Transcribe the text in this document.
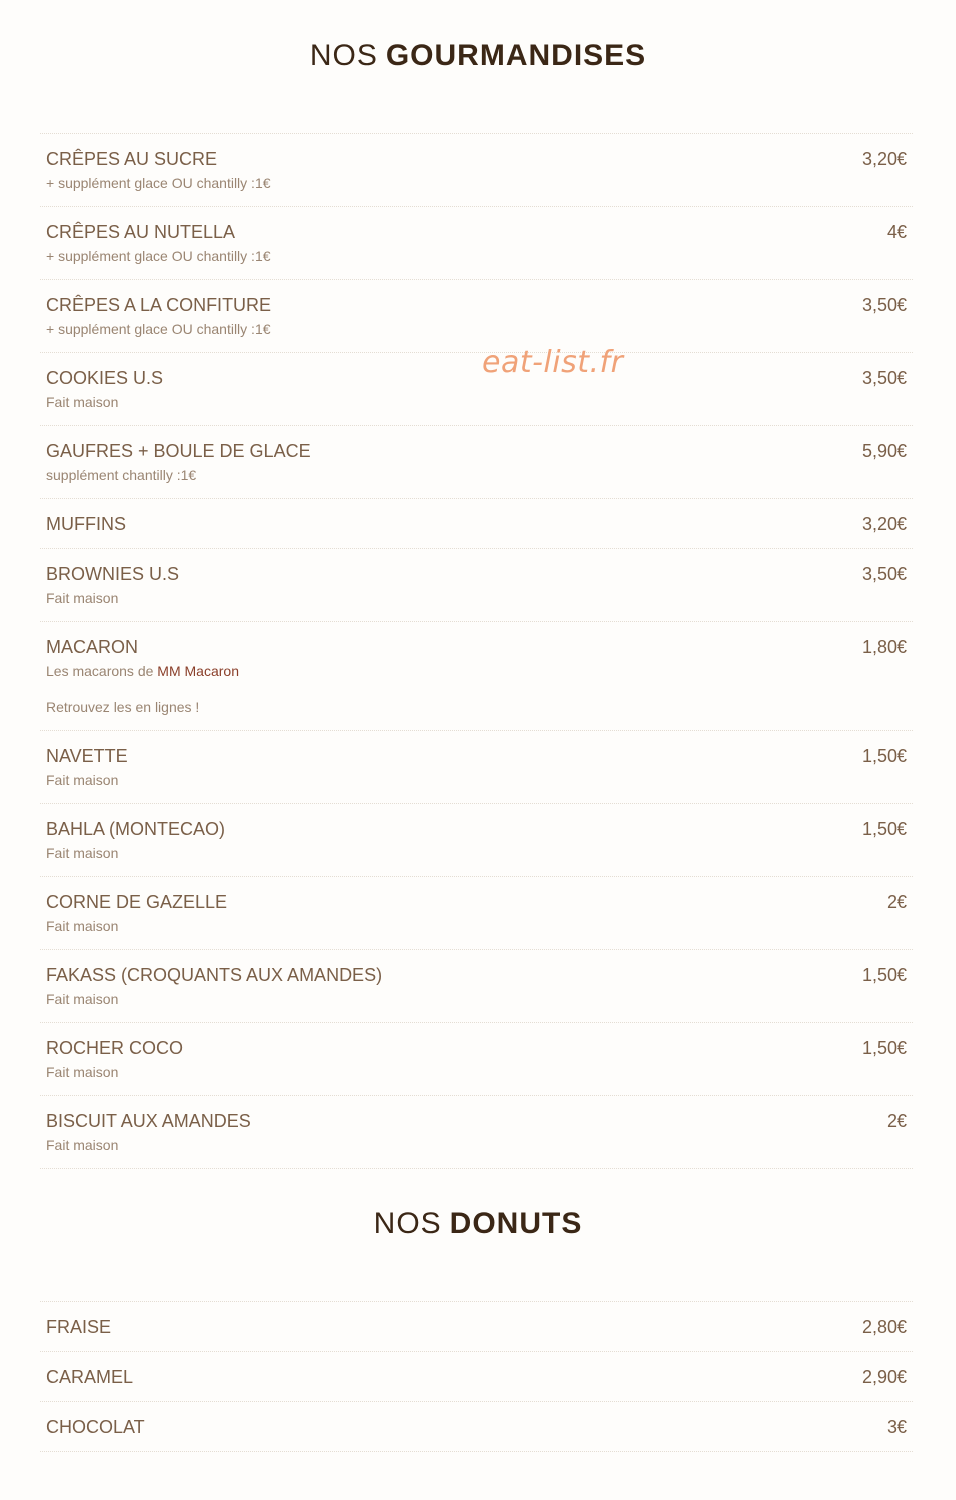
NOS GOURMANDISES
CRÊPES AU SUCRE	3,20€
+ supplément glace OU chantilly :1€
CRÊPES AU NUTELLA	4€
+ supplément glace OU chantilly :1€
CRÊPES A LA CONFITURE	3,50€
+ supplément glace OU chantilly :1€
COOKIES U.S	3,50€
Fait maison
GAUFRES + BOULE DE GLACE	5,90€
supplément chantilly :1€
MUFFINS	3,20€
BROWNIES U.S	3,50€
Fait maison
MACARON	1,80€
Les macarons de MM Macaron
Retrouvez les en lignes !
NAVETTE	1,50€
Fait maison
BAHLA (MONTECAO)	1,50€
Fait maison
CORNE DE GAZELLE	2€
Fait maison
FAKASS (CROQUANTS AUX AMANDES)	1,50€
Fait maison
ROCHER COCO	1,50€
Fait maison
BISCUIT AUX AMANDES	2€
Fait maison
eat-list.fr
NOS DONUTS
FRAISE	2,80€
CARAMEL	2,90€
CHOCOLAT	3€
